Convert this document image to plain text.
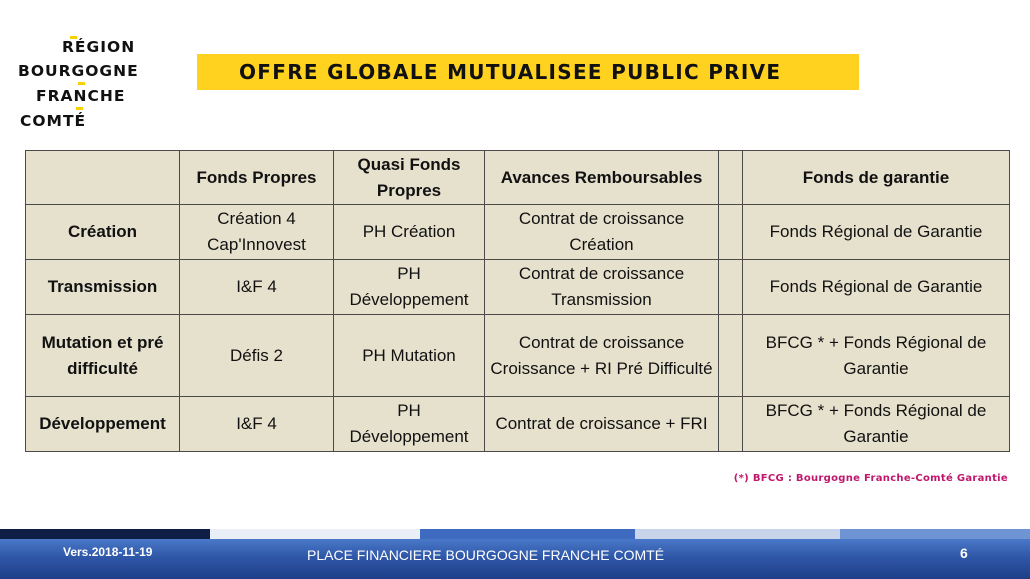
RÉGION
BOURGOGNE
FRANCHE
COMTÉ
OFFRE GLOBALE MUTUALISEE PUBLIC PRIVE
	Fonds Propres	Quasi Fonds Propres	Avances Remboursables		Fonds de garantie
Création	Création 4 Cap'Innovest	PH Création	Contrat de croissance Création		Fonds Régional de Garantie
Transmission	I&F 4	PH Développement	Contrat de croissance Transmission		Fonds Régional de Garantie
Mutation et pré difficulté	Défis 2	PH Mutation	Contrat de croissance Croissance + RI Pré Difficulté		BFCG * + Fonds Régional de Garantie
Développement	I&F 4	PH Développement	Contrat de croissance + FRI		BFCG * + Fonds Régional de Garantie
(*) BFCG : Bourgogne Franche-Comté Garantie
Vers.2018-11-19	PLACE FINANCIERE BOURGOGNE FRANCHE COMTÉ	6
